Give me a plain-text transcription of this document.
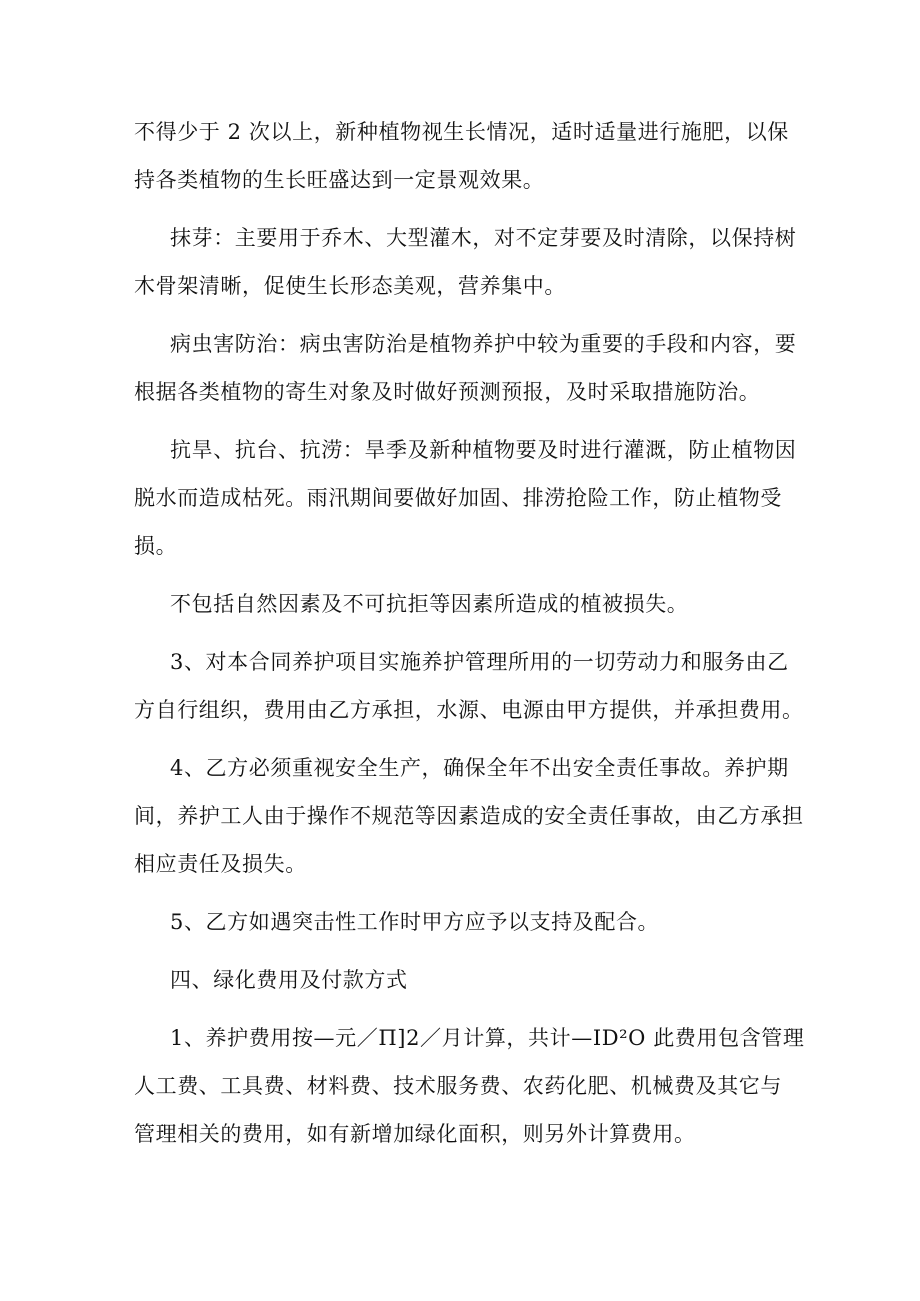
不得少于 2 次以上，新种植物视生长情况，适时适量进行施肥，以保
持各类植物的生长旺盛达到一定景观效果。
抹芽：主要用于乔木、大型灌木，对不定芽要及时清除，以保持树
木骨架清晰，促使生长形态美观，营养集中。
病虫害防治：病虫害防治是植物养护中较为重要的手段和内容，要
根据各类植物的寄生对象及时做好预测预报，及时采取措施防治。
抗旱、抗台、抗涝：旱季及新种植物要及时进行灌溉，防止植物因
脱水而造成枯死。雨汛期间要做好加固、排涝抢险工作，防止植物受
损。
不包括自然因素及不可抗拒等因素所造成的植被损失。
3、对本合同养护项目实施养护管理所用的一切劳动力和服务由乙
方自行组织，费用由乙方承担，水源、电源由甲方提供，并承担费用。
4、乙方必须重视安全生产，确保全年不出安全责任事故。养护期
间，养护工人由于操作不规范等因素造成的安全责任事故，由乙方承担
相应责任及损失。
5、乙方如遇突击性工作时甲方应予以支持及配合。
四、绿化费用及付款方式
1、养护费用按—元／Π]2／月计算，共计—ID²O 此费用包含管理
人工费、工具费、材料费、技术服务费、农药化肥、机械费及其它与
管理相关的费用，如有新增加绿化面积，则另外计算费用。
